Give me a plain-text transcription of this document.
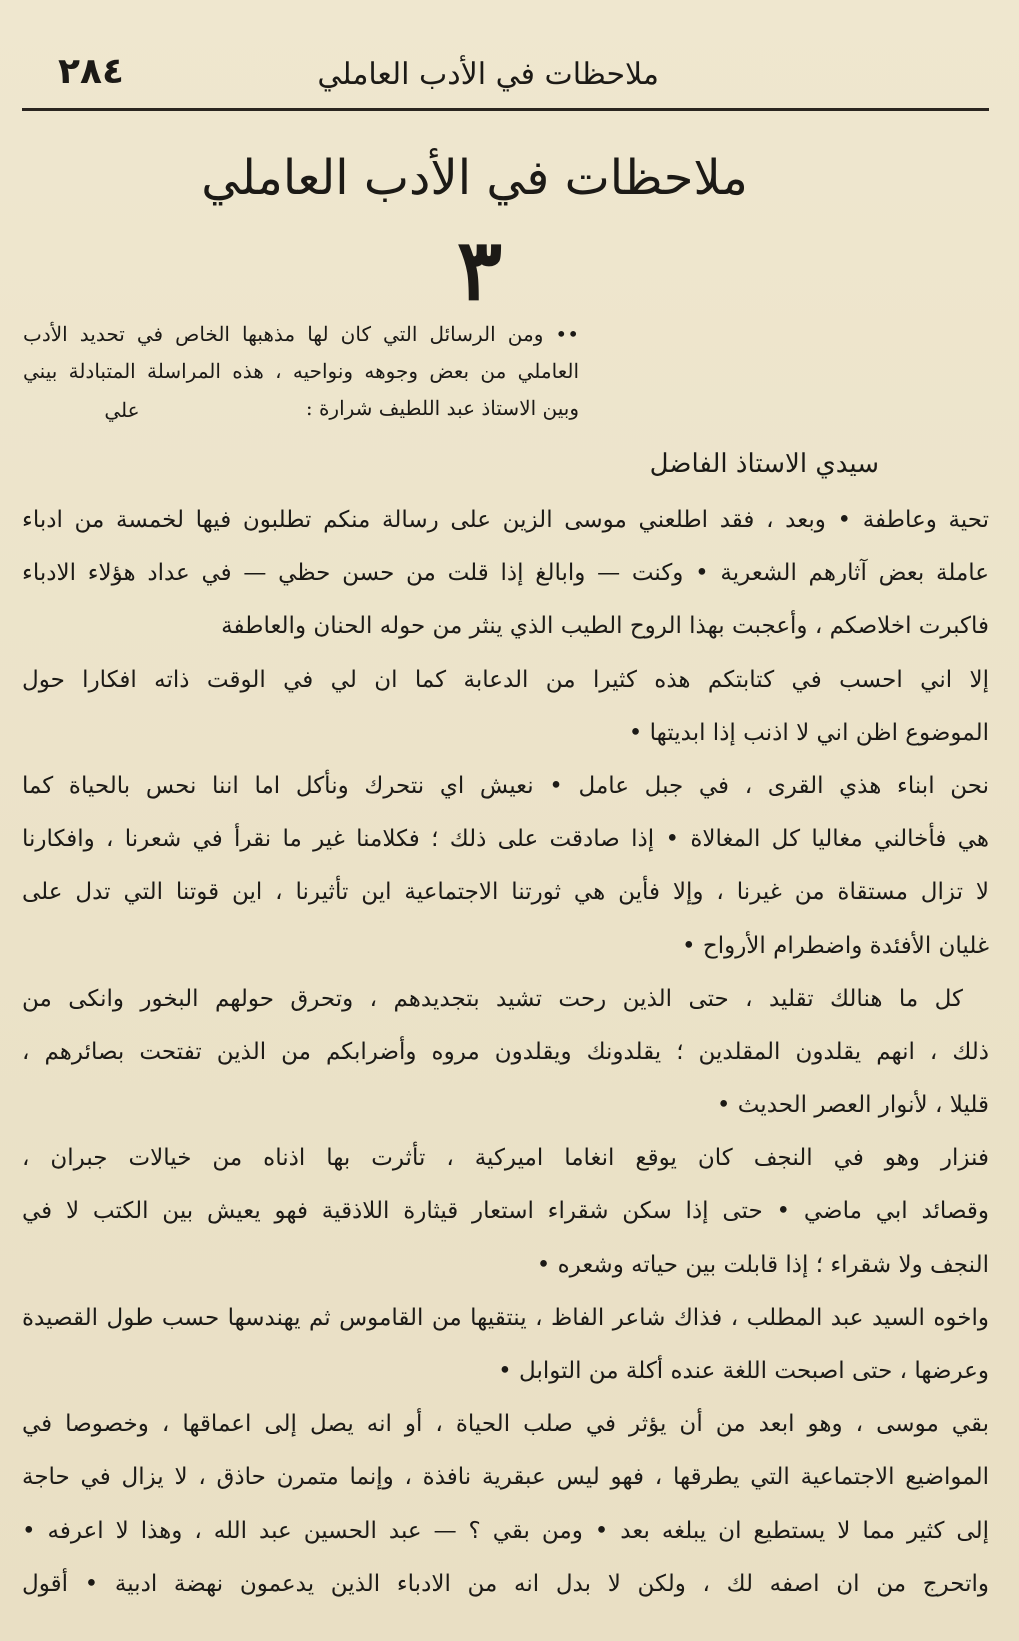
ملاحظات في الأدب العاملي
٢٨٤
ملاحظات في الأدب العاملي
٣
•• ومن الرسائل التي كان لها مذهبها الخاص في تحديد الأدب
العاملي من بعض وجوهه ونواحيه ، هذه المراسلة المتبادلة بيني
وبين الاستاذ عبد اللطيف شرارة :
علي
سيدي الاستاذ الفاضل
تحية وعاطفة • وبعد ، فقد اطلعني موسى الزين على رسالة منكم تطلبون فيها لخمسة من ادباء
عاملة بعض آثارهم الشعرية • وكنت — وابالغ إذا قلت من حسن حظي — في عداد هؤلاء الادباء
فاكبرت اخلاصكم ، وأعجبت بهذا الروح الطيب الذي ينثر من حوله الحنان والعاطفة
إلا اني احسب في كتابتكم هذه كثيرا من الدعابة كما ان لي في الوقت ذاته افكارا حول
الموضوع اظن اني لا اذنب إذا ابديتها •
نحن ابناء هذي القرى ، في جبل عامل • نعيش اي نتحرك ونأكل اما اننا نحس بالحياة كما
هي فأخالني مغاليا كل المغالاة • إذا صادقت على ذلك ؛ فكلامنا غير ما نقرأ في شعرنا ، وافكارنا
لا تزال مستقاة من غيرنا ، وإلا فأين هي ثورتنا الاجتماعية اين تأثيرنا ، اين قوتنا التي تدل على
غليان الأفئدة واضطرام الأرواح •
كل ما هنالك تقليد ، حتى الذين رحت تشيد بتجديدهم ، وتحرق حولهم البخور وانكى من
ذلك ، انهم يقلدون المقلدين ؛ يقلدونك ويقلدون مروه وأضرابكم من الذين تفتحت بصائرهم ،
قليلا ، لأنوار العصر الحديث •
فنزار وهو في النجف كان يوقع انغاما اميركية ، تأثرت بها اذناه من خيالات جبران ،
وقصائد ابي ماضي • حتى إذا سكن شقراء استعار قيثارة اللاذقية فهو يعيش بين الكتب لا في
النجف ولا شقراء ؛ إذا قابلت بين حياته وشعره •
واخوه السيد عبد المطلب ، فذاك شاعر الفاظ ، ينتقيها من القاموس ثم يهندسها حسب طول القصيدة
وعرضها ، حتى اصبحت اللغة عنده أكلة من التوابل •
بقي موسى ، وهو ابعد من أن يؤثر في صلب الحياة ، أو انه يصل إلى اعماقها ، وخصوصا في
المواضيع الاجتماعية التي يطرقها ، فهو ليس عبقرية نافذة ، وإنما متمرن حاذق ، لا يزال في حاجة
إلى كثير مما لا يستطيع ان يبلغه بعد • ومن بقي ؟ — عبد الحسين عبد الله ، وهذا لا اعرفه •
واتحرج من ان اصفه لك ، ولكن لا بدل انه من الادباء الذين يدعمون نهضة ادبية • أقول
